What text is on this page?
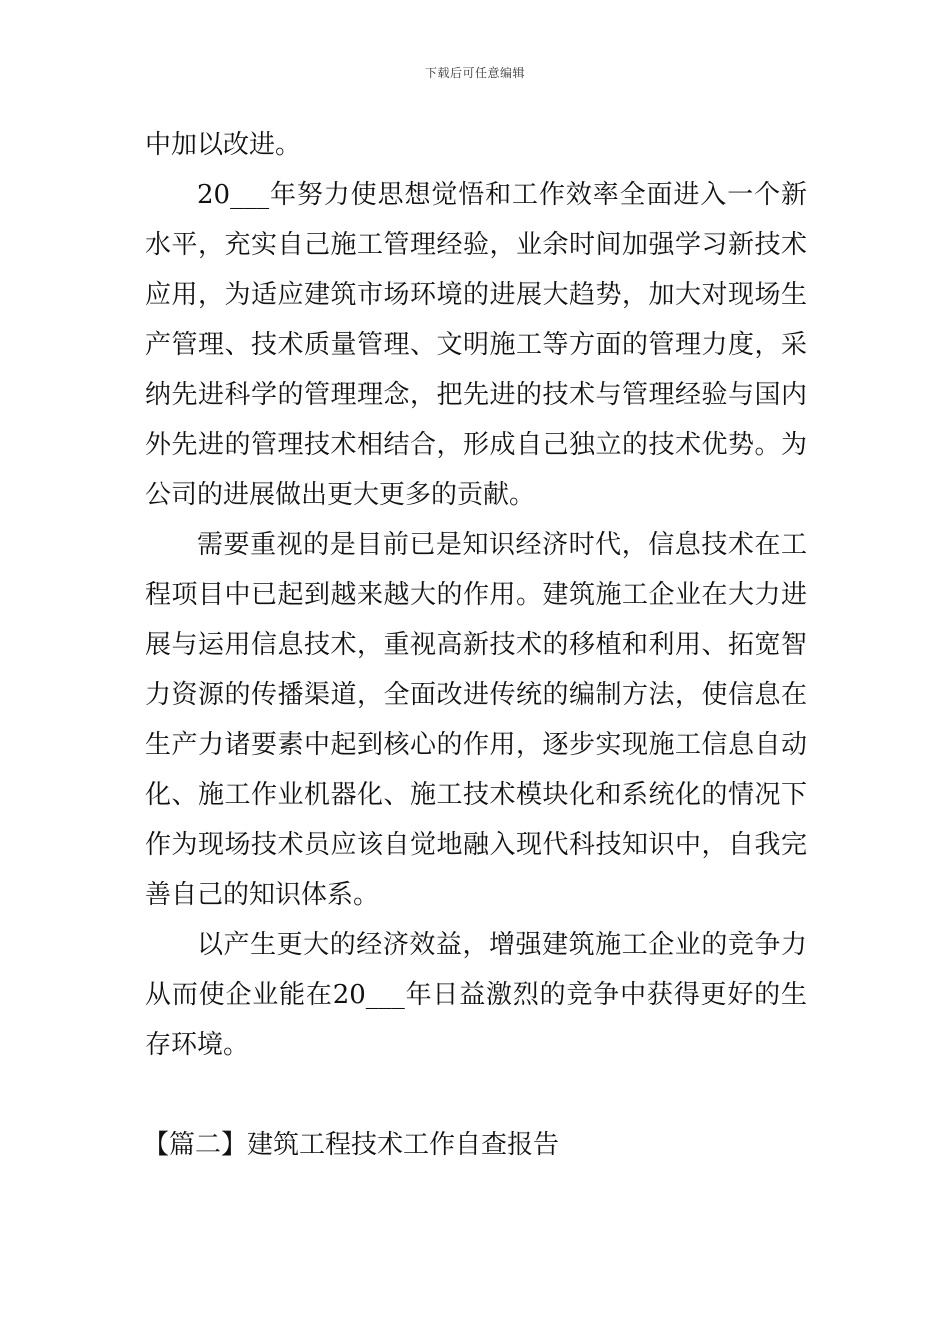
下载后可任意编辑

中加以改进。

20___年努力使思想觉悟和工作效率全面进入一个新水平，充实自己施工管理经验，业余时间加强学习新技术应用，为适应建筑市场环境的进展大趋势，加大对现场生产管理、技术质量管理、文明施工等方面的管理力度，采纳先进科学的管理理念，把先进的技术与管理经验与国内外先进的管理技术相结合，形成自己独立的技术优势。为公司的进展做出更大更多的贡献。

需要重视的是目前已是知识经济时代，信息技术在工程项目中已起到越来越大的作用。建筑施工企业在大力进展与运用信息技术，重视高新技术的移植和利用、拓宽智力资源的传播渠道，全面改进传统的编制方法，使信息在生产力诸要素中起到核心的作用，逐步实现施工信息自动化、施工作业机器化、施工技术模块化和系统化的情况下作为现场技术员应该自觉地融入现代科技知识中，自我完善自己的知识体系。

以产生更大的经济效益，增强建筑施工企业的竞争力从而使企业能在20___年日益激烈的竞争中获得更好的生存环境。

【篇二】建筑工程技术工作自查报告
